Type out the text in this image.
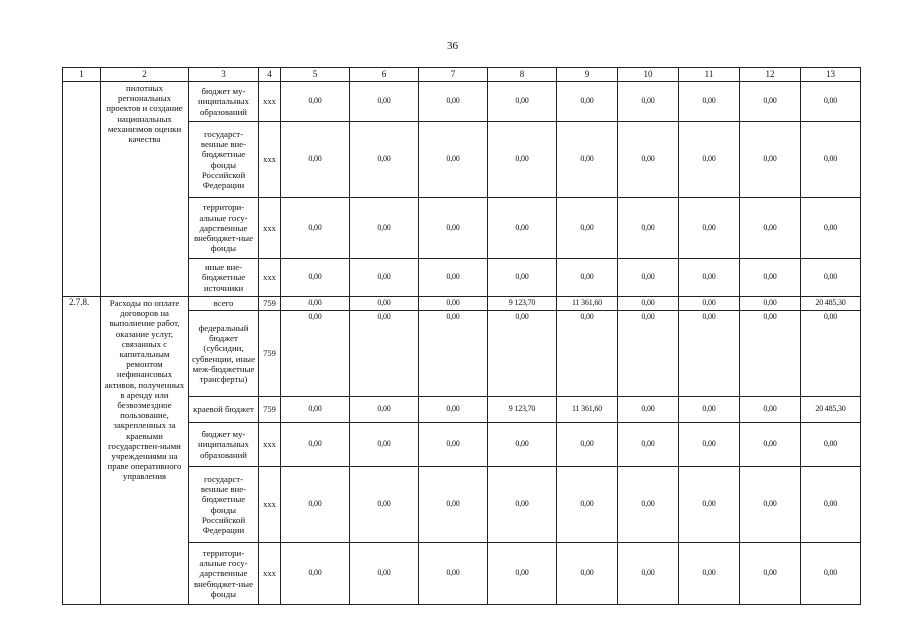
36
1	2	3	4	5	6	7	8	9	10	11	12	13
	пилотных региональных проектов и создание национальных механизмов оценки качества	бюджет му-ниципальных образований	ххх	0,00	0,00	0,00	0,00	0,00	0,00	0,00	0,00	0,00
		государст-венные вне-бюджетные фонды Российской Федерации	ххх	0,00	0,00	0,00	0,00	0,00	0,00	0,00	0,00	0,00
		территори-альные госу-дарственные внебюджет-ные фонды	ххх	0,00	0,00	0,00	0,00	0,00	0,00	0,00	0,00	0,00
		иные вне-бюджетные источники	ххх	0,00	0,00	0,00	0,00	0,00	0,00	0,00	0,00	0,00
2.7.8.	Расходы по оплате договоров на выполнение работ, оказание услуг, связанных с капитальным ремонтом нефинансовых активов, полученных в аренду или безвозмездное пользование, закрепленных за краевыми государствен-ными учреждениями на праве оперативного управления	всего	759	0,00	0,00	0,00	9 123,70	11 361,60	0,00	0,00	0,00	20 485,30
		федеральный бюджет (субсидии, субвенции, иные меж-бюджетные трансферты)	759	0,00	0,00	0,00	0,00	0,00	0,00	0,00	0,00	0,00
		краевой бюджет	759	0,00	0,00	0,00	9 123,70	11 361,60	0,00	0,00	0,00	20 485,30
		бюджет му-ниципальных образований	ххх	0,00	0,00	0,00	0,00	0,00	0,00	0,00	0,00	0,00
		государст-венные вне-бюджетные фонды Российской Федерации	ххх	0,00	0,00	0,00	0,00	0,00	0,00	0,00	0,00	0,00
		территори-альные госу-дарственные внебюджет-ные фонды	ххх	0,00	0,00	0,00	0,00	0,00	0,00	0,00	0,00	0,00
